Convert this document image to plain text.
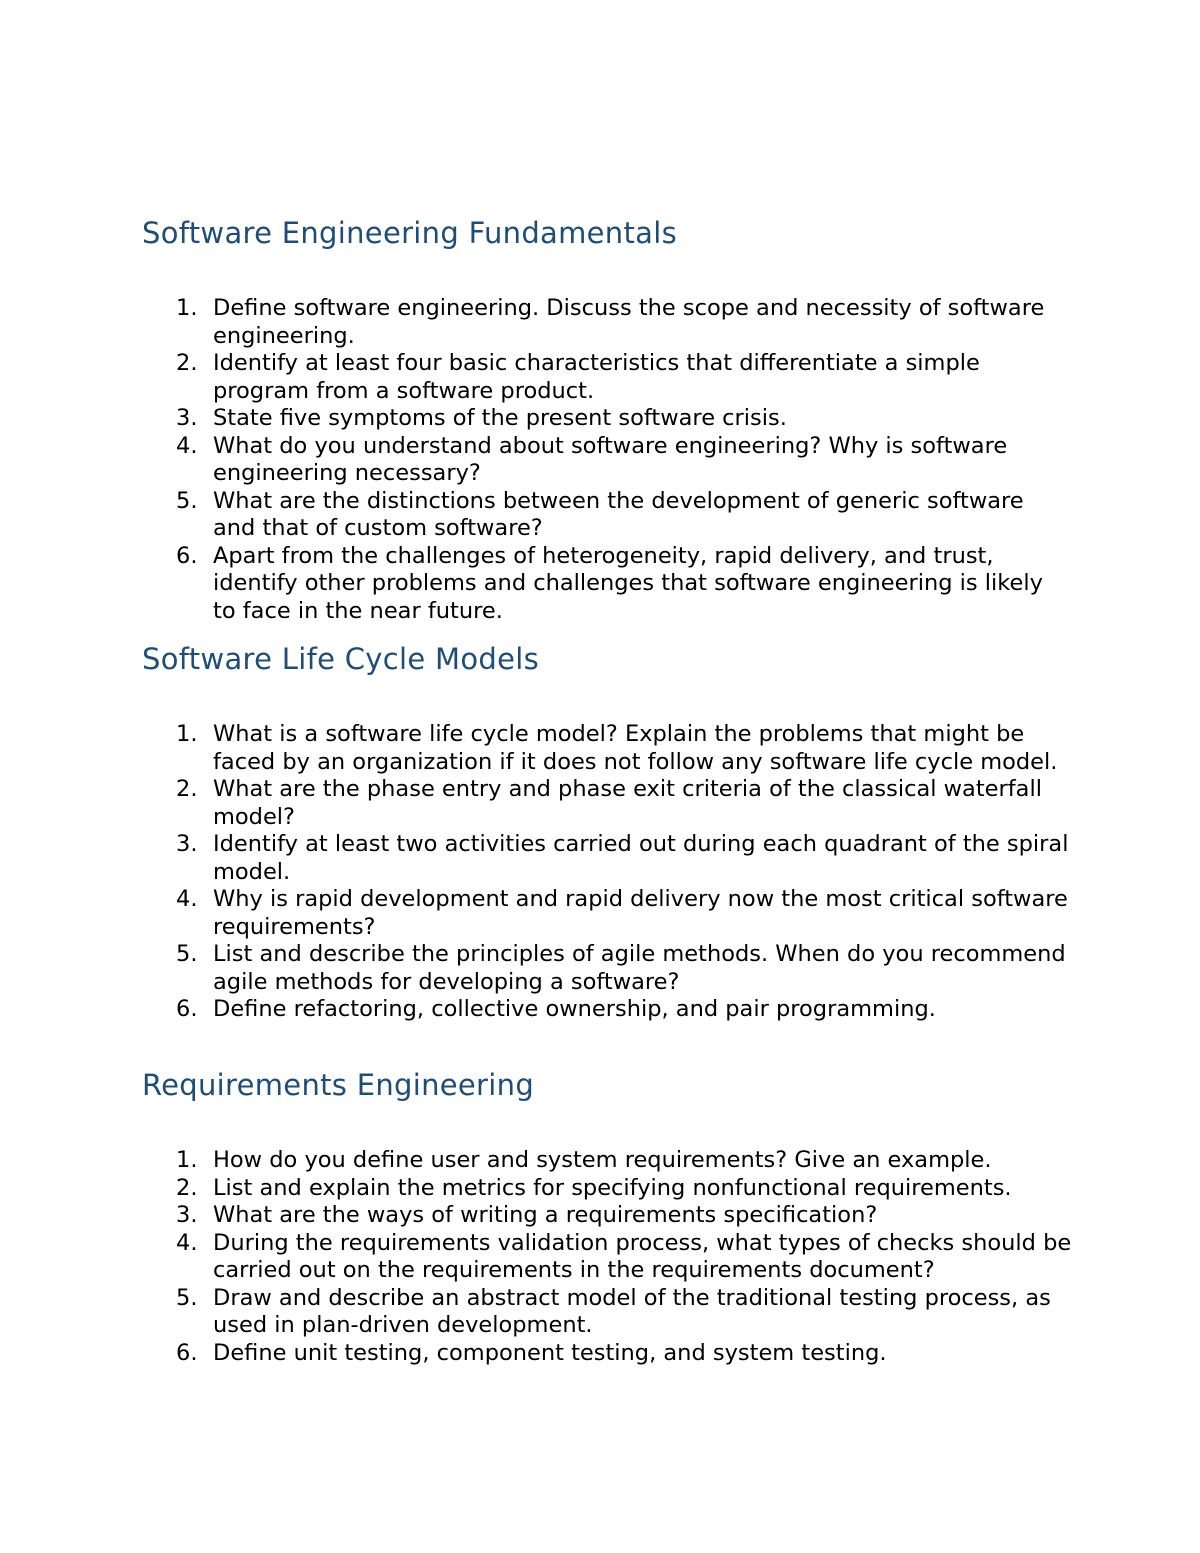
Software Engineering Fundamentals
1. Define software engineering. Discuss the scope and necessity of software engineering.
2. Identify at least four basic characteristics that differentiate a simple program from a software product.
3. State five symptoms of the present software crisis.
4. What do you understand about software engineering? Why is software engineering necessary?
5. What are the distinctions between the development of generic software and that of custom software?
6. Apart from the challenges of heterogeneity, rapid delivery, and trust, identify other problems and challenges that software engineering is likely to face in the near future.
Software Life Cycle Models
1. What is a software life cycle model? Explain the problems that might be faced by an organization if it does not follow any software life cycle model.
2. What are the phase entry and phase exit criteria of the classical waterfall model?
3. Identify at least two activities carried out during each quadrant of the spiral model.
4. Why is rapid development and rapid delivery now the most critical software requirements?
5. List and describe the principles of agile methods. When do you recommend agile methods for developing a software?
6. Define refactoring, collective ownership, and pair programming.
Requirements Engineering
1. How do you define user and system requirements? Give an example.
2. List and explain the metrics for specifying nonfunctional requirements.
3. What are the ways of writing a requirements specification?
4. During the requirements validation process, what types of checks should be carried out on the requirements in the requirements document?
5. Draw and describe an abstract model of the traditional testing process, as used in plan-driven development.
6. Define unit testing, component testing, and system testing.
